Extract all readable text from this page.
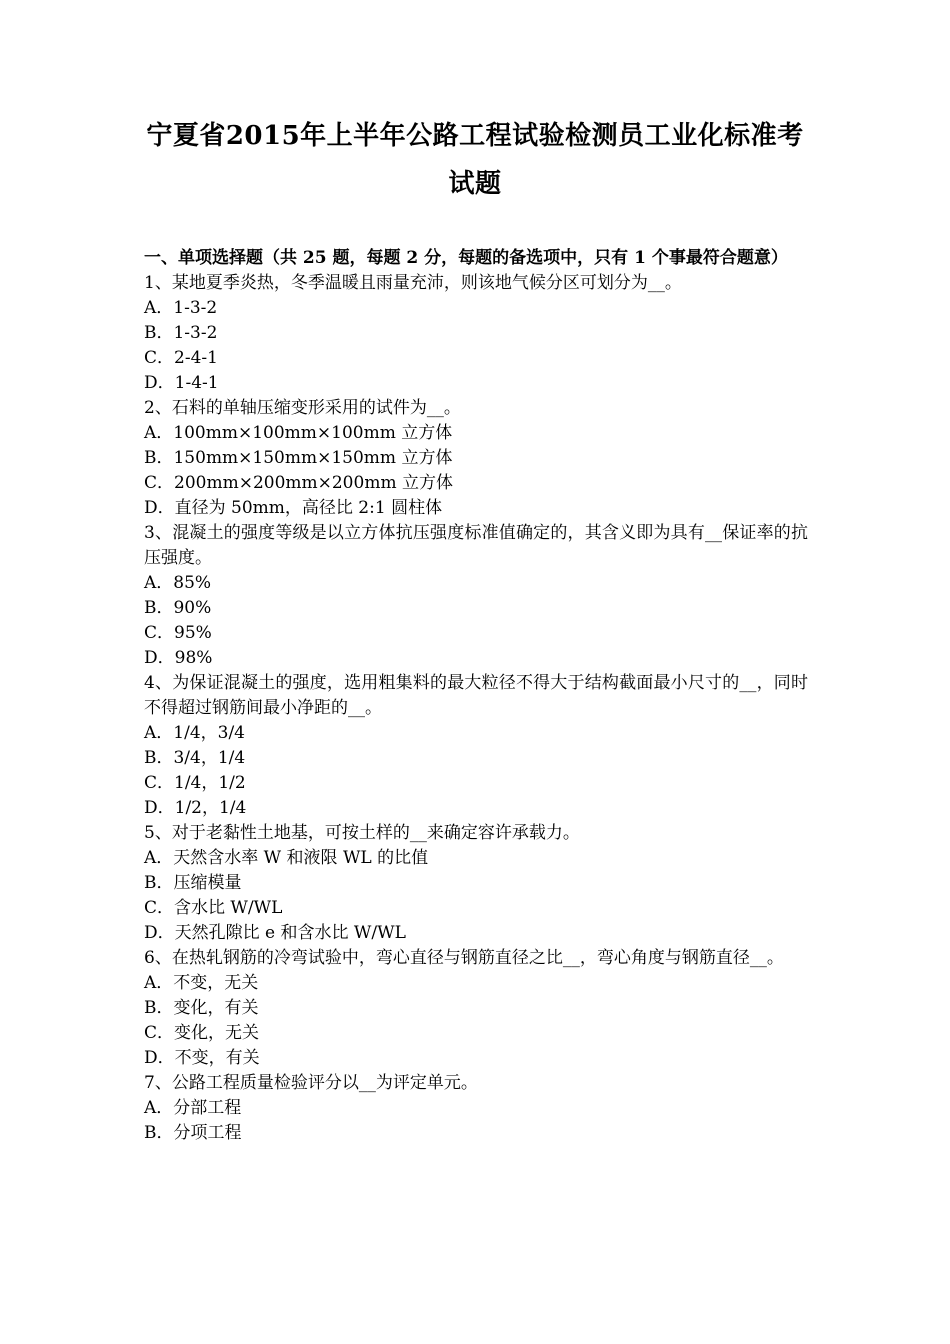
宁夏省2015年上半年公路工程试验检测员工业化标准考试题
一、单项选择题（共 25 题，每题 2 分，每题的备选项中，只有 1 个事最符合题意）
1、某地夏季炎热，冬季温暖且雨量充沛，则该地气候分区可划分为__。
A．1-3-2
B．1-3-2
C．2-4-1
D．1-4-1
2、石料的单轴压缩变形采用的试件为__。
A．100mm×100mm×100mm 立方体
B．150mm×150mm×150mm 立方体
C．200mm×200mm×200mm 立方体
D．直径为 50mm，高径比 2:1 圆柱体
3、混凝土的强度等级是以立方体抗压强度标准值确定的，其含义即为具有__保证率的抗压强度。
A．85%
B．90%
C．95%
D．98%
4、为保证混凝土的强度，选用粗集料的最大粒径不得大于结构截面最小尺寸的__，同时不得超过钢筋间最小净距的__。
A．1/4，3/4
B．3/4，1/4
C．1/4，1/2
D．1/2，1/4
5、对于老黏性土地基，可按土样的__来确定容许承载力。
A．天然含水率 W 和液限 WL 的比值
B．压缩模量
C．含水比 W/WL
D．天然孔隙比 e 和含水比 W/WL
6、在热轧钢筋的冷弯试验中，弯心直径与钢筋直径之比__，弯心角度与钢筋直径__。
A．不变，无关
B．变化，有关
C．变化，无关
D．不变，有关
7、公路工程质量检验评分以__为评定单元。
A．分部工程
B．分项工程
